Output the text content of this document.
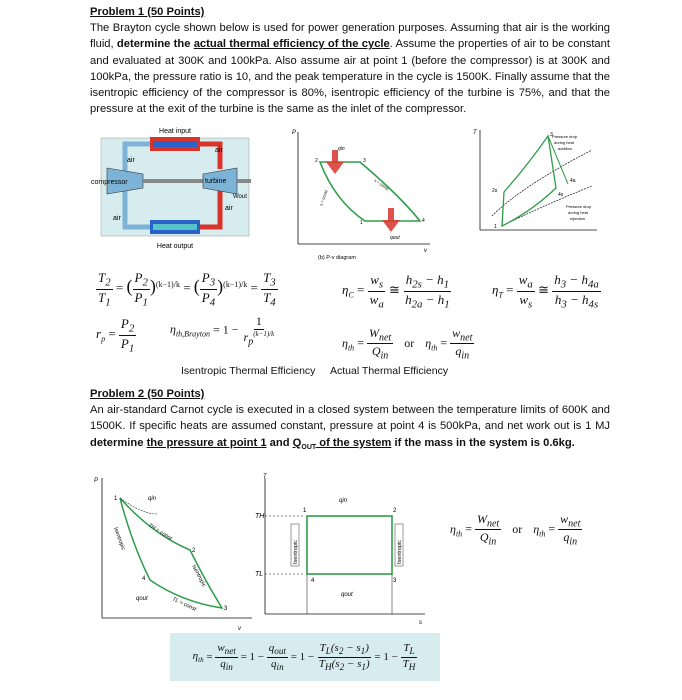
Problem 1 (50 Points)
The Brayton cycle shown below is used for power generation purposes. Assuming that air is the working fluid, determine the actual thermal efficiency of the cycle. Assume the properties of air to be constant and evaluated at 300K and 100kPa. Also assume air at point 1 (before the compressor) is at 300K and 100kPa, the pressure ratio is 10, and the peak temperature in the cycle is 1500K. Finally assume that the isentropic efficiency of the compressor is 80%, isentropic efficiency of the turbine is 75%, and that the pressure at the exit of the turbine is the same as the inlet of the compressor.
Heat input
Heat output
compressor	turbine
Wout
air
air
air
air
P
v
qin
qout
2	3
4
1
s = const.
s = const.
(b) P-v diagram
T
Pressure drop
during heat
addition
Pressure drop
during heat
rejection
3
2s
1
4s
4a
$\frac{T_2}{T_1}$ = ( $\frac{P_2}{P_1} )^{(k-1)/k}$ = ( $\frac{P_3}{P_4} )^{(k-1)/k} = \frac{T_3}{T_4}$	$\eta_C = \frac{w_s}{w_a}$ ≅ $\frac{h_{2s} - h_1}{h_{2a} - h_1}$	$\eta_T = \frac{w_a}{w_s}$ ≅ $\frac{h_3 - h_{4a}}{h_3 - h_{4s}}$
$r_p = \frac{P_2}{P_1}$	$\eta_{th,Brayton} = 1 - \frac{1}{r_p^{(k-1)/k}}$	$\eta_{th} = \frac{W_{net}}{Q_{in}}$ or $\eta_{th} = \frac{w_{net}}{q_{in}}$
Isentropic Thermal Efficiency Actual Thermal Efficiency
Problem 2 (50 Points)
An air-standard Carnot cycle is executed in a closed system between the temperature limits of 600K and 1500K. If specific heats are assumed constant, pressure at point 4 is 500kPa, and net work out is 1 MJ determine the pressure at point 1 and $Q_{OUT}$ of the system if the mass in the system is 0.6kg.
P
v
qin
qout
TH = const
TL = const
Isentropic
Isentropic
1
2
3
4
T
s
Isentropic	Isentropic
TH
TL
qin
qout
1	2
3
4
$\eta_{th} = \frac{W_{net}}{Q_{in}}$ or $\eta_{th} = \frac{w_{net}}{q_{in}}$
$\eta_{th} = \frac{w_{net}}{q_{in}} = 1 - \frac{q_{out}}{q_{in}} = 1 - \frac{T_L(s_2 - s_1)}{T_H(s_2 - s_1)} = 1 - \frac{T_L}{T_H}$
